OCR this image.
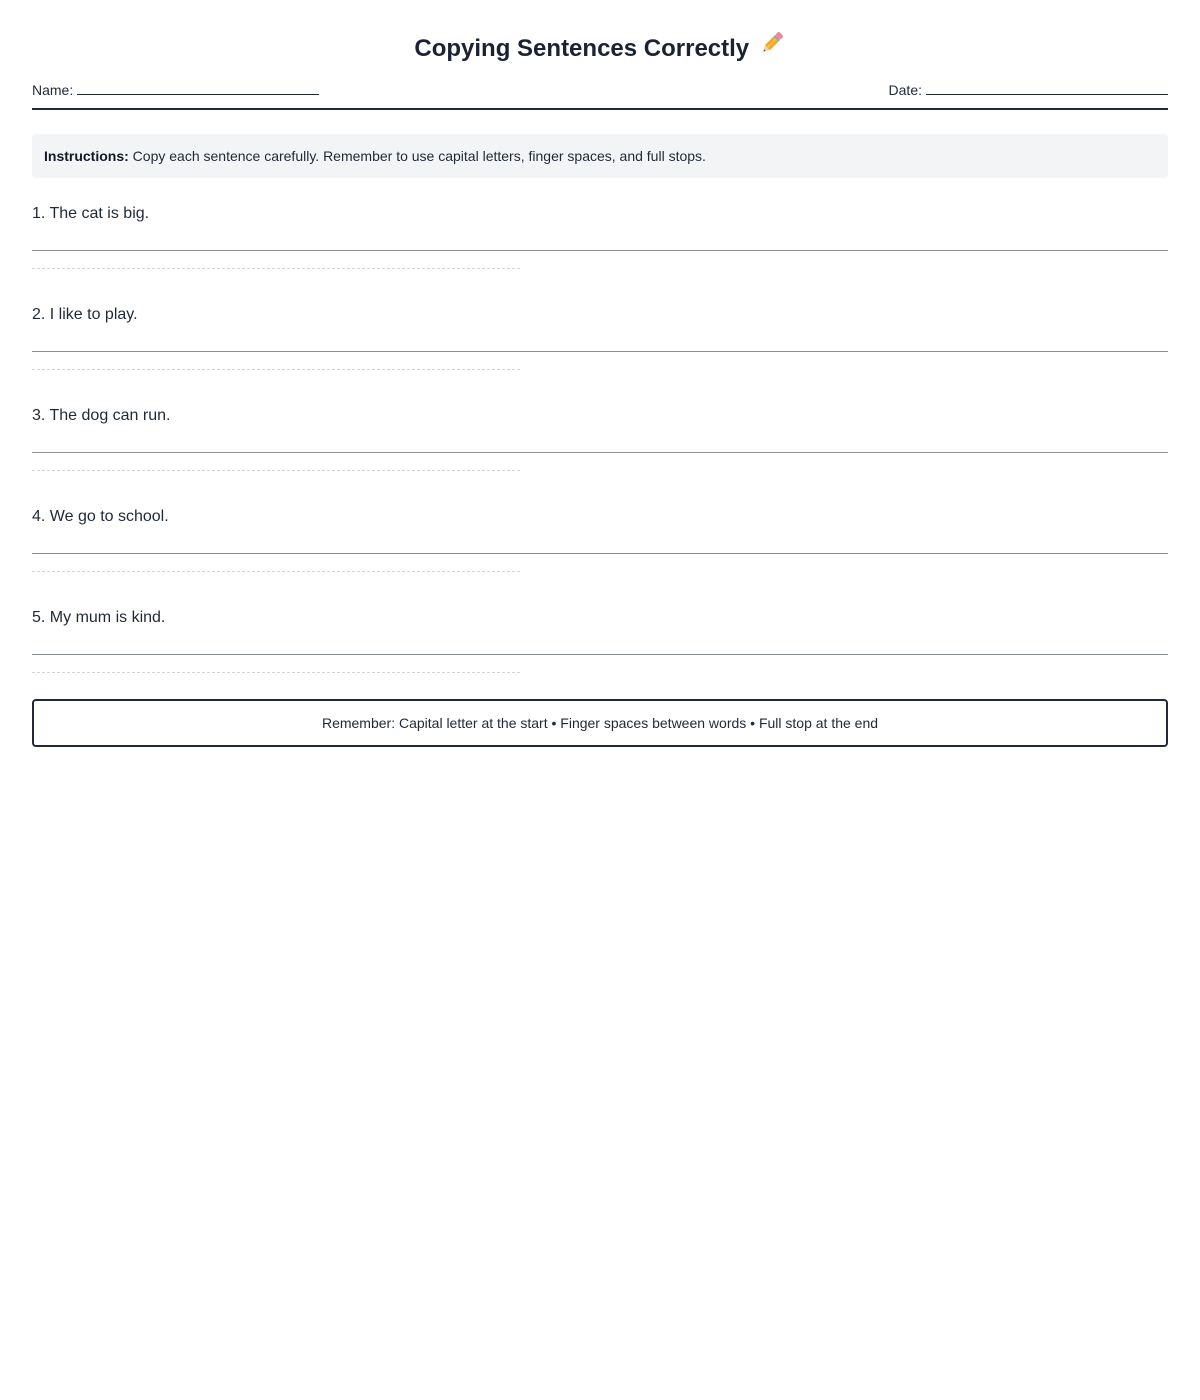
Copying Sentences Correctly
Name:	Date:
Instructions: Copy each sentence carefully. Remember to use capital letters, finger spaces, and full stops.
1. The cat is big.
2. I like to play.
3. The dog can run.
4. We go to school.
5. My mum is kind.
Remember: Capital letter at the start • Finger spaces between words • Full stop at the end
